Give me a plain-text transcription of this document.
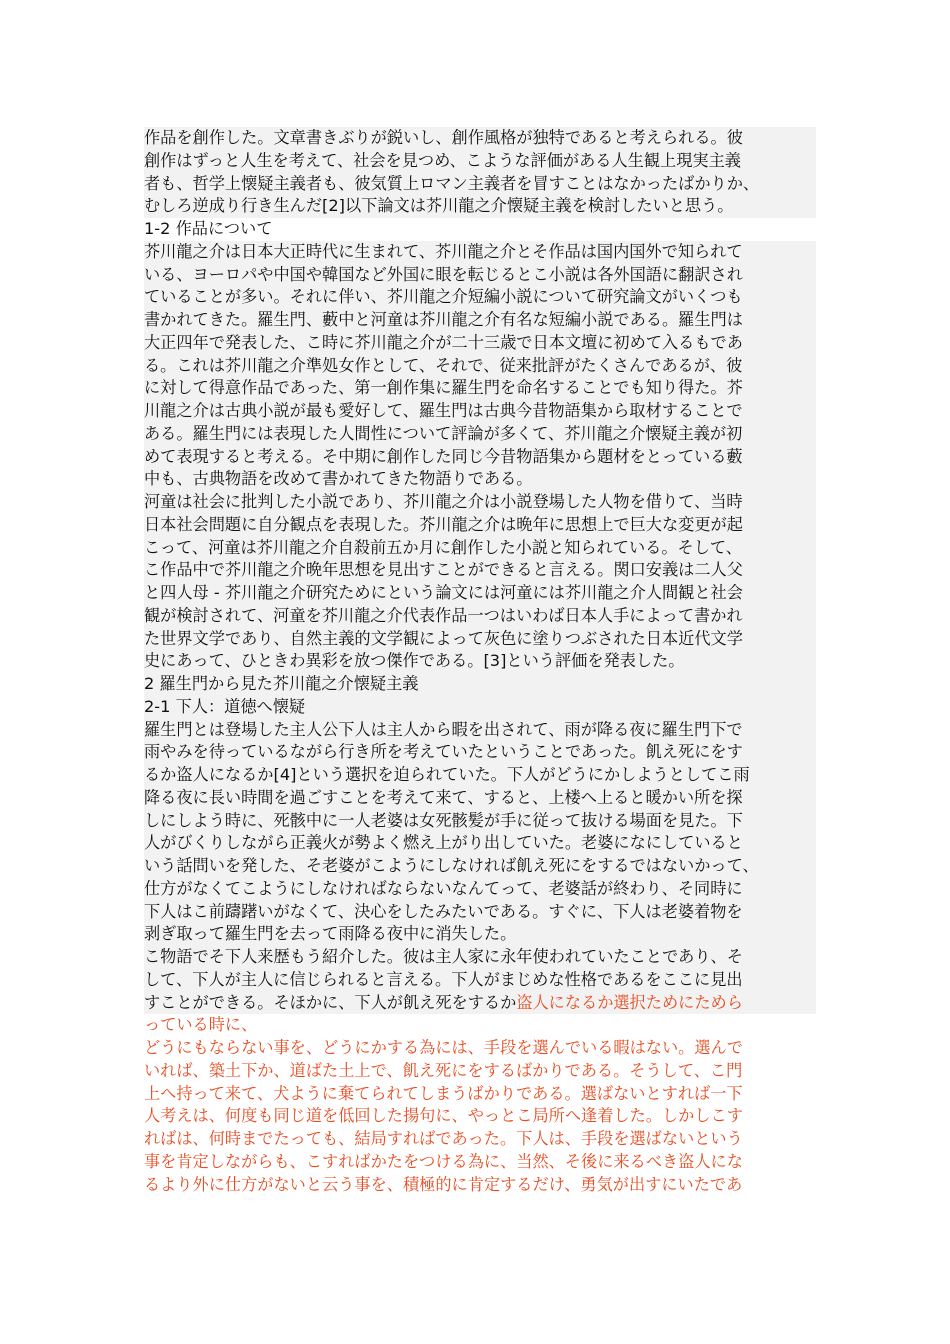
作品を創作した。文章書きぶりが鋭いし、創作風格が独特であると考えられる。彼
創作はずっと人生を考えて、社会を見つめ、こような評価がある人生観上現実主義
者も、哲学上懐疑主義者も、彼気質上ロマン主義者を冒すことはなかったばかりか、
むしろ逆成り行き生んだ[2]以下論文は芥川龍之介懐疑主義を検討したいと思う。
1-2 作品について
芥川龍之介は日本大正時代に生まれて、芥川龍之介とそ作品は国内国外で知られて
いる、ヨーロパや中国や韓国など外国に眼を転じるとこ小説は各外国語に翻訳され
ていることが多い。それに伴い、芥川龍之介短編小説について研究論文がいくつも
書かれてきた。羅生門、藪中と河童は芥川龍之介有名な短編小説である。羅生門は
大正四年で発表した、こ時に芥川龍之介が二十三歳で日本文壇に初めて入るもであ
る。これは芥川龍之介準処女作として、それで、従来批評がたくさんであるが、彼
に対して得意作品であった、第一創作集に羅生門を命名することでも知り得た。芥
川龍之介は古典小説が最も愛好して、羅生門は古典今昔物語集から取材することで
ある。羅生門には表現した人間性について評論が多くて、芥川龍之介懐疑主義が初
めて表現すると考える。そ中期に創作した同じ今昔物語集から題材をとっている藪
中も、古典物語を改めて書かれてきた物語りである。
河童は社会に批判した小説であり、芥川龍之介は小説登場した人物を借りて、当時
日本社会問題に自分観点を表現した。芥川龍之介は晩年に思想上で巨大な変更が起
こって、河童は芥川龍之介自殺前五か月に創作した小説と知られている。そして、
こ作品中で芥川龍之介晩年思想を見出すことができると言える。関口安義は二人父
と四人母 - 芥川龍之介研究ためにという論文には河童には芥川龍之介人間観と社会
観が検討されて、河童を芥川龍之介代表作品一つはいわば日本人手によって書かれ
た世界文学であり、自然主義的文学観によって灰色に塗りつぶされた日本近代文学
史にあって、ひときわ異彩を放つ傑作である。[3]という評価を発表した。
2 羅生門から見た芥川龍之介懐疑主義
2-1 下人：道徳へ懐疑
羅生門とは登場した主人公下人は主人から暇を出されて、雨が降る夜に羅生門下で
雨やみを待っているながら行き所を考えていたということであった。飢え死にをす
るか盗人になるか[4]という選択を迫られていた。下人がどうにかしようとしてこ雨
降る夜に長い時間を過ごすことを考えて来て、すると、上楼へ上ると暖かい所を探
しにしよう時に、死骸中に一人老婆は女死骸髪が手に従って抜ける場面を見た。下
人がびくりしながら正義火が勢よく燃え上がり出していた。老婆になにしていると
いう話問いを発した、そ老婆がこようにしなければ飢え死にをするではないかって、
仕方がなくてこようにしなければならないなんてって、老婆話が終わり、そ同時に
下人はこ前躊躇いがなくて、決心をしたみたいである。すぐに、下人は老婆着物を
剥ぎ取って羅生門を去って雨降る夜中に消失した。
こ物語でそ下人来歴もう紹介した。彼は主人家に永年使われていたことであり、そ
して、下人が主人に信じられると言える。下人がまじめな性格であるをここに見出
すことができる。そほかに、下人が飢え死をするか盗人になるか選択ためにためら
っている時に、
どうにもならない事を、どうにかする為には、手段を選んでいる暇はない。選んで
いれば、築土下か、道ばた土上で、飢え死にをするばかりである。そうして、こ門
上へ持って来て、犬ように棄てられてしまうばかりである。選ばないとすれば一下
人考えは、何度も同じ道を低回した揚句に、やっとこ局所へ逢着した。しかしこす
ればは、何時までたっても、結局すればであった。下人は、手段を選ばないという
事を肯定しながらも、こすればかたをつける為に、当然、そ後に来るべき盗人にな
るより外に仕方がないと云う事を、積極的に肯定するだけ、勇気が出すにいたであ
